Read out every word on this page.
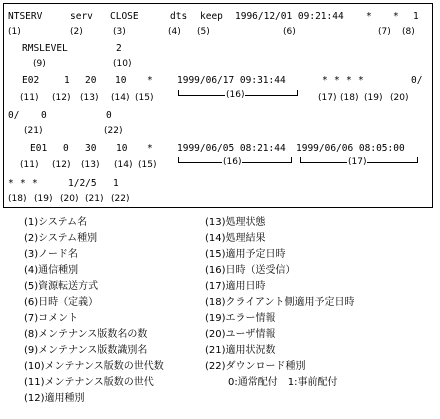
NTSERV	serv CLOSE	dts keep 1996/12/01 09:21:44 * * 1
(1)	(2)	(3)	(4) (5)	(6)	(7) (8)
RMSLEVEL	2
(9)	(10)
E02	1 20 10 *	1999/06/17 09:31:44	* * * *	0/
(11) (12) (13) (14) (15)	(16)	(17) (18) (19) (20)
0/ 0	0
(21)	(22)
E01 0 30 10 *	1999/06/05 08:21:44 1999/06/06 08:05:00
(11) (12) (13) (14) (15)	(16)	(17)
* * *	1/2/5 1
(18) (19) (20) (21) (22)
(1)システム名
(2)システム種別
(3)ノード名
(4)通信種別
(5)資源転送方式
(6)日時（定義）
(7)コメント
(8)メンテナンス版数名の数
(9)メンテナンス版数識別名
(10)メンテナンス版数の世代数
(11)メンテナンス版数の世代
(12)適用種別
(13)処理状態
(14)処理結果
(15)適用予定日時
(16)日時（送受信）
(17)適用日時
(18)クライアント側適用予定日時
(19)エラー情報
(20)ユーザ情報
(21)適用状況数
(22)ダウンロード種別
0:通常配付　1:事前配付
